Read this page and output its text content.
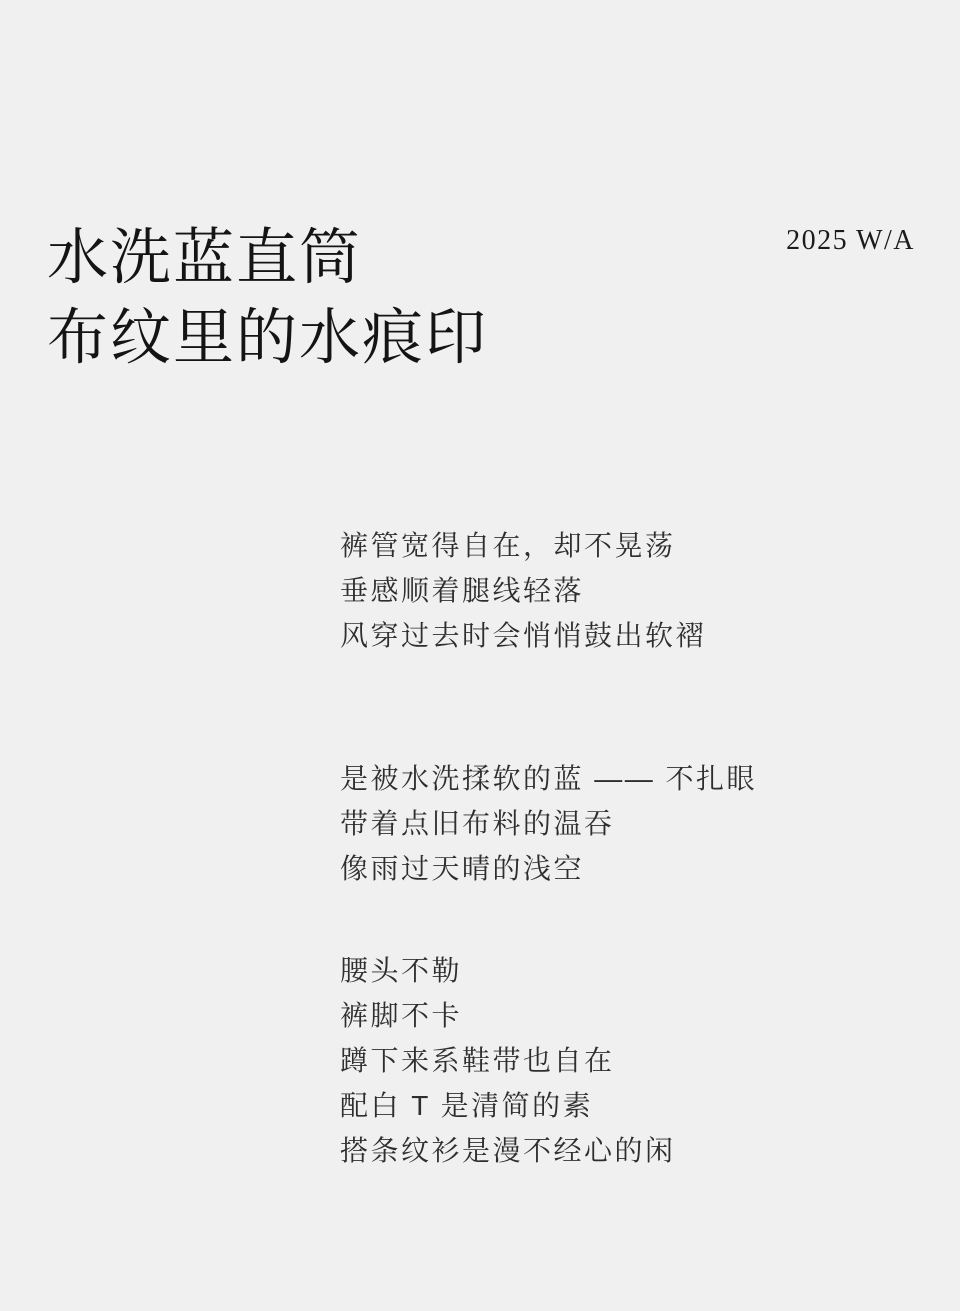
2025 W/A
水洗蓝直筒
布纹里的水痕印
裤管宽得自在，却不晃荡
垂感顺着腿线轻落
风穿过去时会悄悄鼓出软褶
是被水洗揉软的蓝 —— 不扎眼
带着点旧布料的温吞
像雨过天晴的浅空
腰头不勒
裤脚不卡
蹲下来系鞋带也自在
配白 T 是清简的素
搭条纹衫是漫不经心的闲
